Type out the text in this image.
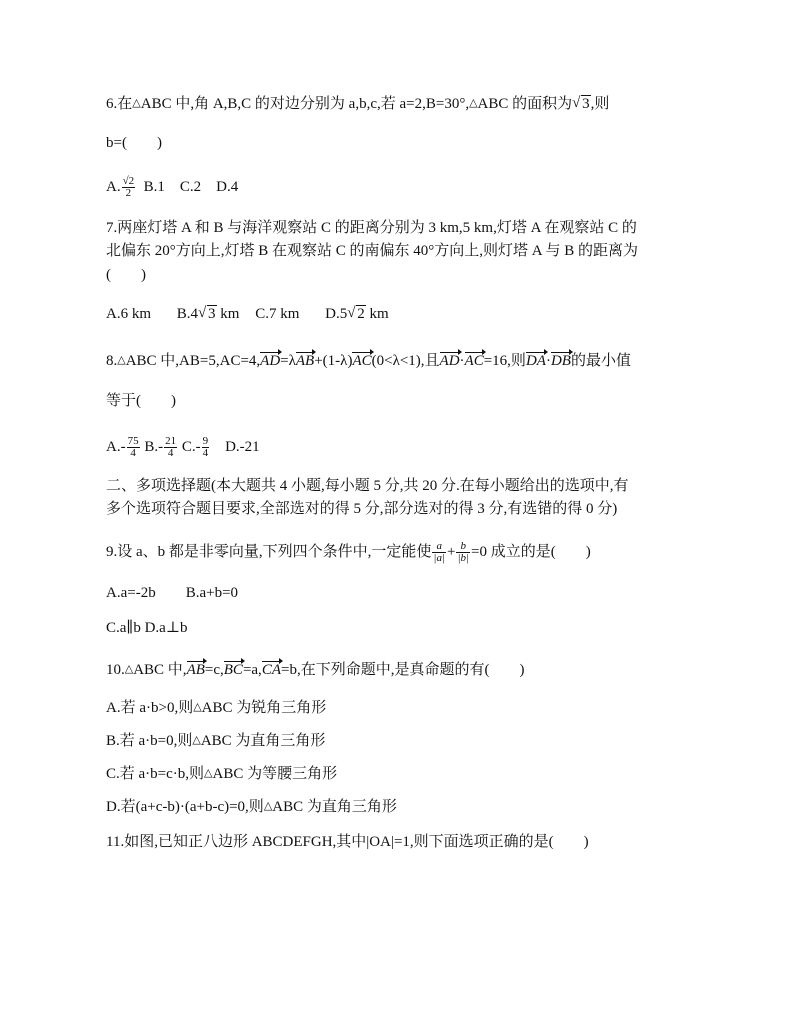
6.在△ABC 中,角 A,B,C 的对边分别为 a,b,c,若 a=2,B=30°,△ABC 的面积为 √ 3,则
b=(　　)
A. $\frac{√2}{2} B.1$　C.2　D.4
7.两座灯塔 A 和 B 与海洋观察站 C 的距离分别为 3 km,5 km,灯塔 A 在观察站 C 的
北偏东 20°方向上,灯塔 B 在观察站 C 的南偏东 40°方向上,则灯塔 A 与 B 的距离为
(　　)
A.6 km B.4 √ 3 km C.7 km D.5 √ 2 km
8.△ABC 中,AB=5,AC=4,AD=λAB+(1-λ)AC(0<λ<1),且AD·AC=16,则DA·DB的最小值
等于(　　)
$A.- \frac{75}{4} B.- \frac{21}{4} C.- \frac{9}{4}$ 　D.-21
二、多项选择题(本大题共 4 小题,每小题 5 分,共 20 分.在每小题给出的选项中,有
多个选项符合题目要求,全部选对的得 5 分,部分选对的得 3 分,有选错的得 0 分)
9.设 a、b 都是非零向量,下列四个条件中,一定能使 $\frac{a}{|a|} + \frac{b}{|b|} =0$ 成立的是(　　)
A.a=-2b　　B.a+b=0
C.a∥b D.a⊥b
10.△ABC 中,AB=c,BC=a,CA=b,在下列命题中,是真命题的有(　　)
A.若 a·b>0,则△ABC 为锐角三角形
B.若 a·b=0,则△ABC 为直角三角形
C.若 a·b=c·b,则△ABC 为等腰三角形
D.若(a+c-b)·(a+b-c)=0,则△ABC 为直角三角形
11.如图,已知正八边形 ABCDEFGH,其中|OA|=1,则下面选项正确的是(　　)
